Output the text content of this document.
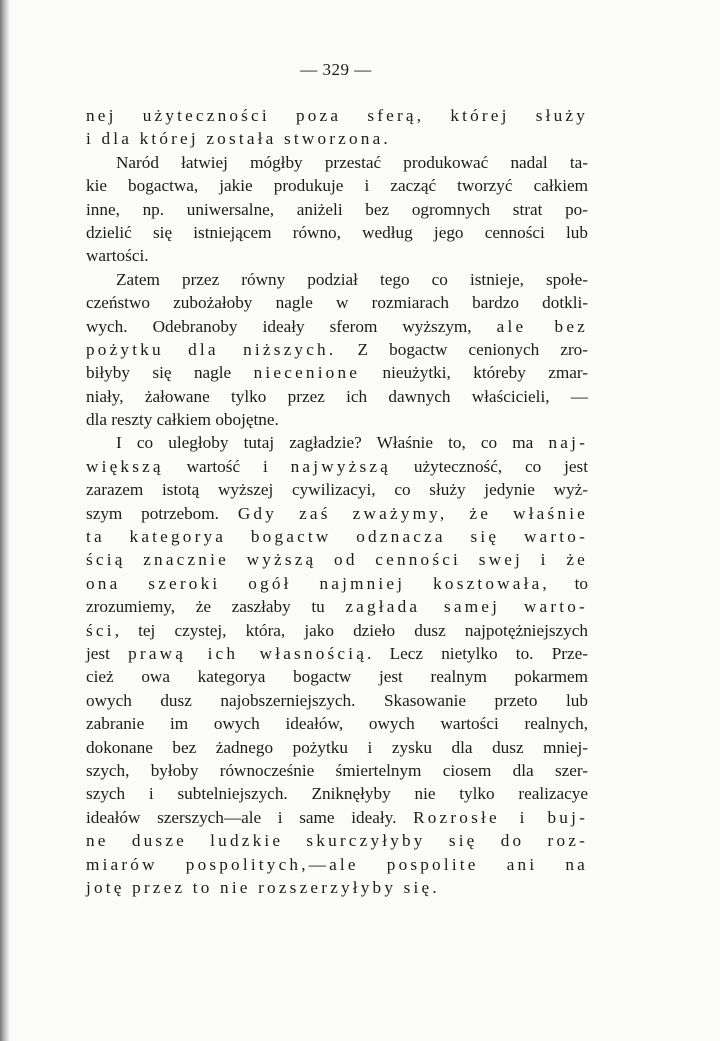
— 329 —
nej użyteczności poza sferą, której służy
i dla której została stworzona.
Naród łatwiej mógłby przestać produkować nadal ta-
kie bogactwa, jakie produkuje i zacząć tworzyć całkiem
inne, np. uniwersalne, aniżeli bez ogromnych strat po-
dzielić się istniejącem równo, według jego cenności lub
wartości.
Zatem przez równy podział tego co istnieje, społe-
czeństwo zubożałoby nagle w rozmiarach bardzo dotkli-
wych. Odebranoby ideały sferom wyższym, ale bez
pożytku dla niższych. Z bogactw cenionych zro-
biłyby się nagle niecenione nieużytki, któreby zmar-
niały, żałowane tylko przez ich dawnych właścicieli, —
dla reszty całkiem obojętne.
I co uległoby tutaj zagładzie? Właśnie to, co ma naj-
większą wartość i najwyższą użyteczność, co jest
zarazem istotą wyższej cywilizacyi, co służy jedynie wyż-
szym potrzebom. Gdy zaś zważymy, że właśnie
ta kategorya bogactw odznacza się warto-
ścią znacznie wyższą od cenności swej i że
ona szeroki ogół najmniej kosztowała, to
zrozumiemy, że zaszłaby tu zagłada samej warto-
ści, tej czystej, która, jako dzieło dusz najpotężniejszych
jest prawą ich własnością. Lecz nietylko to. Prze-
cież owa kategorya bogactw jest realnym pokarmem
owych dusz najobszerniejszych. Skasowanie przeto lub
zabranie im owych ideałów, owych wartości realnych,
dokonane bez żadnego pożytku i zysku dla dusz mniej-
szych, byłoby równocześnie śmiertelnym ciosem dla szer-
szych i subtelniejszych. Zniknęłyby nie tylko realizacye
ideałów szerszych—ale i same ideały. Rozrosłe i buj-
ne dusze ludzkie skurczyłyby się do roz-
miarów pospolitych,—ale pospolite ani na
jotę przez to nie rozszerzyłyby się.
